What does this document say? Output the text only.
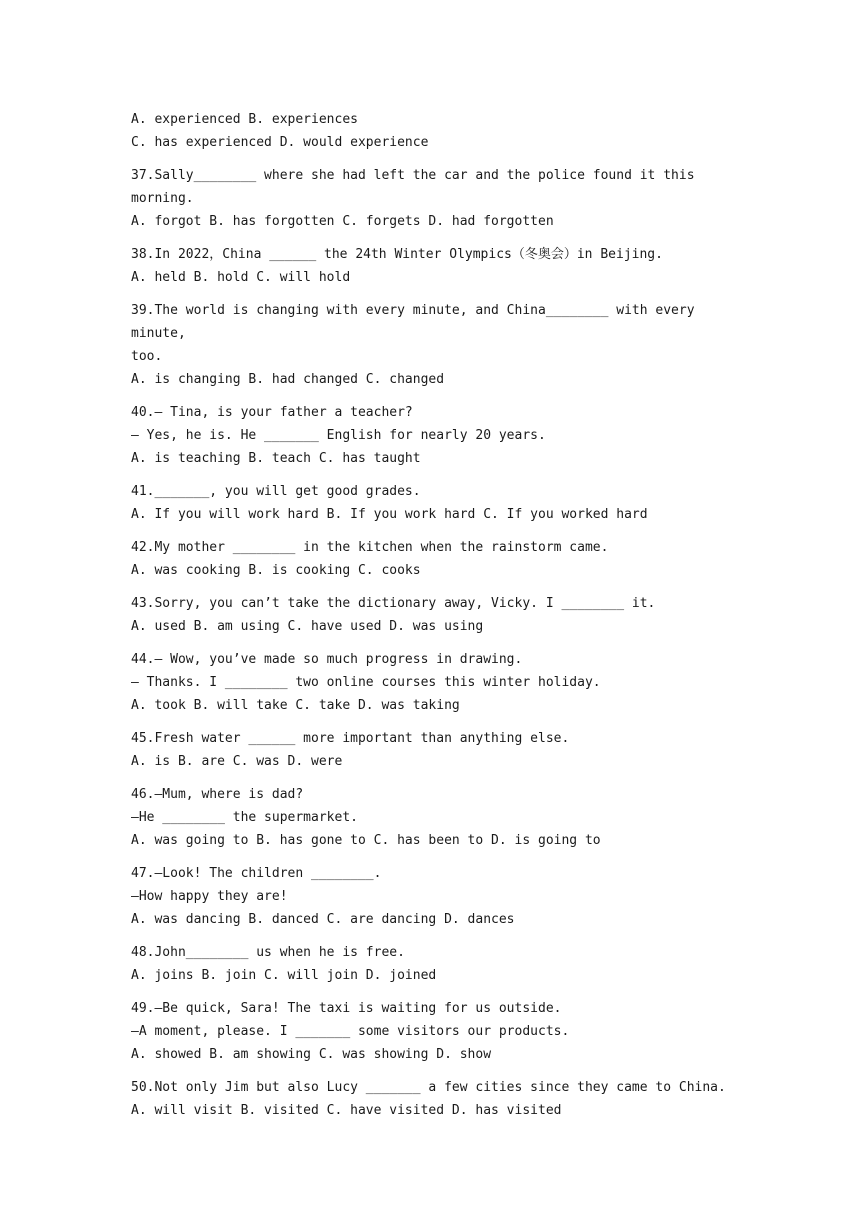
A. experienced B. experiences
C. has experienced D. would experience
37.Sally________ where she had left the car and the police found it this morning.
A. forgot B. has forgotten C. forgets D. had forgotten
38.In 2022，China ______ the 24th Winter Olympics（冬奥会）in Beijing.
A. held B. hold C. will hold
39.The world is changing with every minute, and China________ with every minute,
too.
A. is changing B. had changed C. changed
40.— Tina, is your father a teacher?
— Yes, he is. He _______ English for nearly 20 years.
A. is teaching B. teach C. has taught
41._______, you will get good grades.
A. If you will work hard B. If you work hard C. If you worked hard
42.My mother ________ in the kitchen when the rainstorm came.
A. was cooking B. is cooking C. cooks
43.Sorry, you can’t take the dictionary away, Vicky. I ________ it.
A. used B. am using C. have used D. was using
44.— Wow, you’ve made so much progress in drawing.
— Thanks. I ________ two online courses this winter holiday.
A. took B. will take C. take D. was taking
45.Fresh water ______ more important than anything else.
A. is B. are C. was D. were
46.—Mum, where is dad?
—He ________ the supermarket.
A. was going to B. has gone to C. has been to D. is going to
47.—Look! The children ________.
—How happy they are!
A. was dancing B. danced C. are dancing D. dances
48.John________ us when he is free.
A. joins B. join C. will join D. joined
49.—Be quick, Sara! The taxi is waiting for us outside.
—A moment, please. I _______ some visitors our products.
A. showed B. am showing C. was showing D. show
50.Not only Jim but also Lucy _______ a few cities since they came to China.
A. will visit B. visited C. have visited D. has visited
